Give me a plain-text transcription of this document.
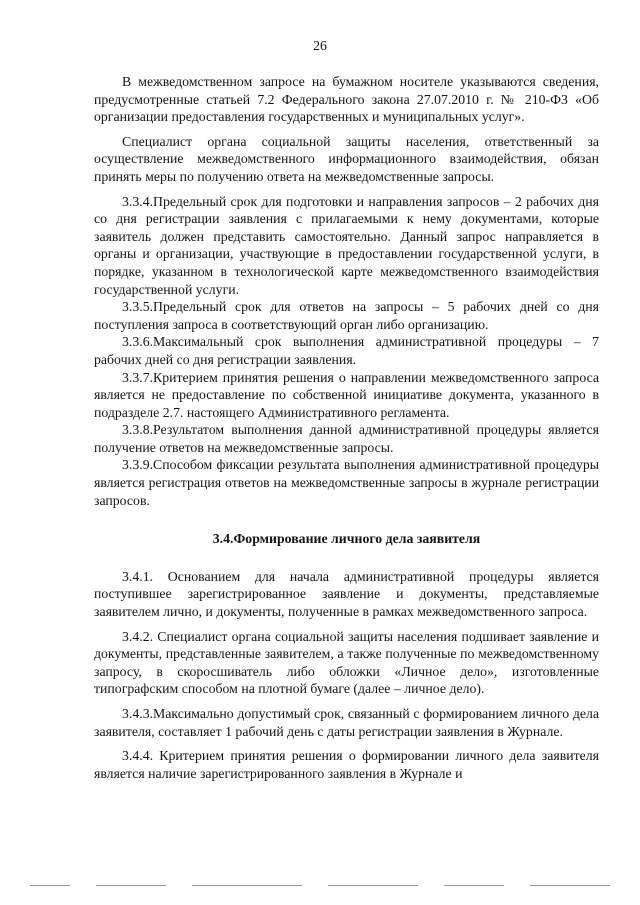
26

В межведомственном запросе на бумажном носителе указываются сведения, предусмотренные статьей 7.2 Федерального закона 27.07.2010 г. № 210-ФЗ «Об организации предоставления государственных и муниципальных услуг».

Специалист органа социальной защиты населения, ответственный за осуществление межведомственного информационного взаимодействия, обязан принять меры по получению ответа на межведомственные запросы.

3.3.4.Предельный срок для подготовки и направления запросов – 2 рабочих дня со дня регистрации заявления с прилагаемыми к нему документами, которые заявитель должен представить самостоятельно. Данный запрос направляется в органы и организации, участвующие в предоставлении государственной услуги, в порядке, указанном в технологической карте межведомственного взаимодействия государственной услуги.

3.3.5.Предельный срок для ответов на запросы – 5 рабочих дней со дня поступления запроса в соответствующий орган либо организацию.

3.3.6.Максимальный срок выполнения административной процедуры – 7 рабочих дней со дня регистрации заявления.

3.3.7.Критерием принятия решения о направлении межведомственного запроса является не предоставление по собственной инициативе документа, указанного в подразделе 2.7. настоящего Административного регламента.

3.3.8.Результатом выполнения данной административной процедуры является получение ответов на межведомственные запросы.

3.3.9.Способом фиксации результата выполнения административной процедуры является регистрация ответов на межведомственные запросы в журнале регистрации запросов.

3.4.Формирование личного дела заявителя

3.4.1. Основанием для начала административной процедуры является поступившее зарегистрированное заявление и документы, представляемые заявителем лично, и документы, полученные в рамках межведомственного запроса.

3.4.2. Специалист органа социальной защиты населения подшивает заявление и документы, представленные заявителем, а также полученные по межведомственному запросу, в скоросшиватель либо обложки «Личное дело», изготовленные типографским способом на плотной бумаге (далее – личное дело).

3.4.3.Максимально допустимый срок, связанный с формированием личного дела заявителя, составляет 1 рабочий день с даты регистрации заявления в Журнале.

3.4.4. Критерием принятия решения о формировании личного дела заявителя является наличие зарегистрированного заявления в Журнале и
